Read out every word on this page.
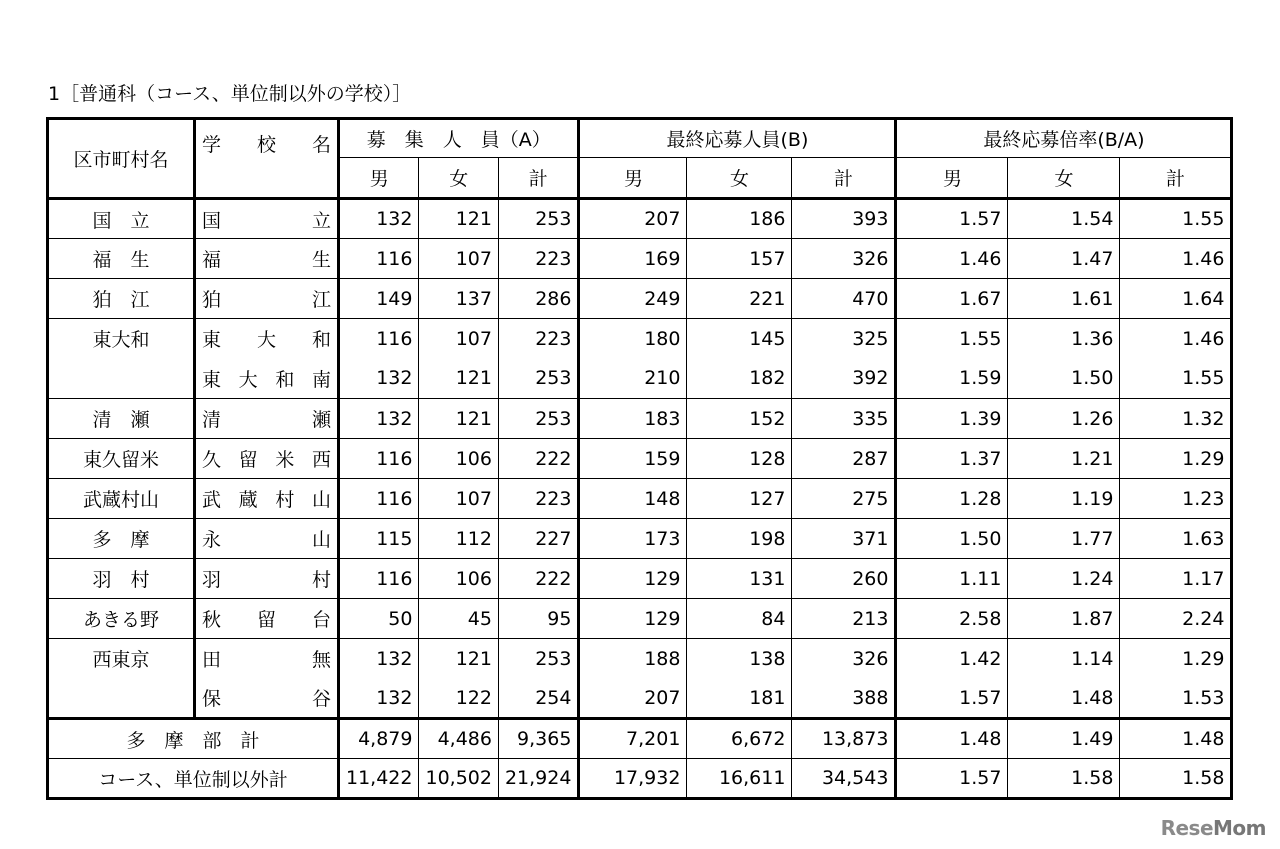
1［普通科（コース、単位制以外の学校）］
区市町村名	学 校 名	募　集　人　員（A）			最終応募人員(B)			最終応募倍率(B/A)		
		男	女	計	男	女	計	男	女	計
国　立	国 立	132	121	253	207	186	393	1.57	1.54	1.55
福　生	福 生	116	107	223	169	157	326	1.46	1.47	1.46
狛　江	狛 江	149	137	286	249	221	470	1.67	1.61	1.64
東大和	東 大 和	116	107	223	180	145	325	1.55	1.36	1.46

	東 大 和 南	132	121	253	210	182	392	1.59	1.50	1.55
清　瀬	清 瀬	132	121	253	183	152	335	1.39	1.26	1.32
東久留米	久 留 米 西	116	106	222	159	128	287	1.37	1.21	1.29
武蔵村山	武 蔵 村 山	116	107	223	148	127	275	1.28	1.19	1.23
多　摩	永 山	115	112	227	173	198	371	1.50	1.77	1.63
羽　村	羽 村	116	106	222	129	131	260	1.11	1.24	1.17
あきる野	秋 留 台	50	45	95	129	84	213	2.58	1.87	2.24
西東京	田 無	132	121	253	188	138	326	1.42	1.14	1.29

	保 谷	132	122	254	207	181	388	1.57	1.48	1.53
多　摩　部　計		4,879	4,486	9,365	7,201	6,672	13,873	1.48	1.49	1.48
コース、単位制以外計		11,422	10,502	21,924	17,932	16,611	34,543	1.57	1.58	1.58
ReseMom
